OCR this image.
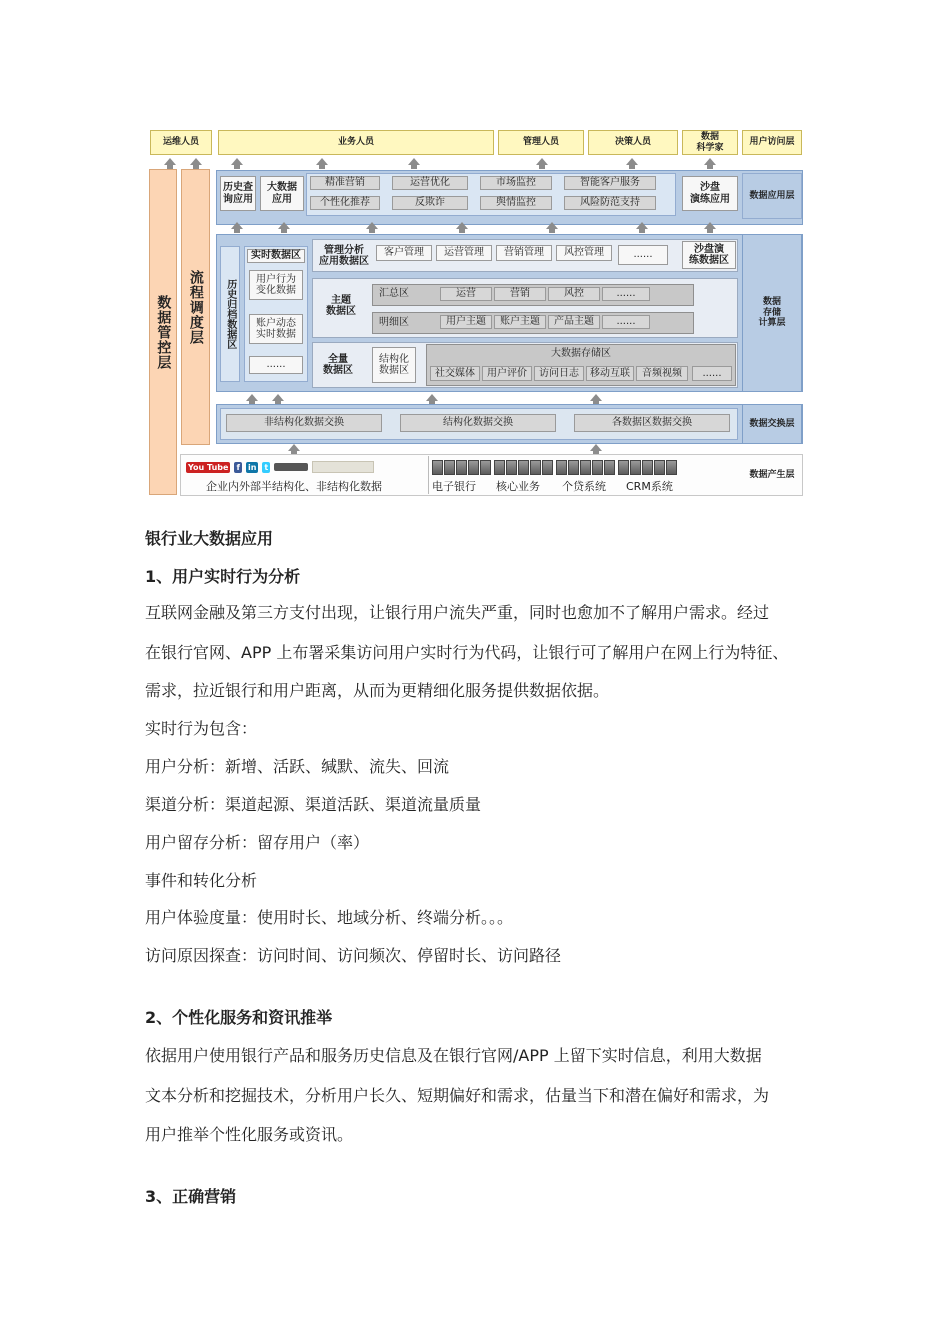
运维人员	业务人员	管理人员	决策人员
数据
科学家
用户访问层
数据管控层 流程调度层
历史查
询应用
大数据
应用
精准营销	运营优化	市场监控	智能客户服务
个性化推荐	反欺诈	舆情监控	风险防范支持
沙盘
演练应用	数据应用层
历史归档数据区
实时数据区
用户行为
变化数据
账户动态
实时数据
......
管理分析
应用数据区
客户管理	运营管理	营销管理	风控管理	......
沙盘演
练数据区
主题
数据区
汇总区	运营	营销	风控	......
明细区	用户主题	账户主题	产品主题	......
全量
数据区
结构化
数据区
大数据存储区
社交媒体	用户评价	访问日志	移动互联	音频视频	......
数据
存储
计算层
非结构化数据交换	结构化数据交换	各数据区数据交换	数据交换层
You Tube f in t
企业内外部半结构化、非结构化数据	电子银行	核心业务	个贷系统	CRM系统
数据产生层
银行业大数据应用
1、用户实时行为分析
互联网金融及第三方支付出现，让银行用户流失严重，同时也愈加不了解用户需求。经过
在银行官网、APP 上布署采集访问用户实时行为代码，让银行可了解用户在网上行为特征、
需求，拉近银行和用户距离，从而为更精细化服务提供数据依据。
实时行为包含：
用户分析：新增、活跃、缄默、流失、回流
渠道分析：渠道起源、渠道活跃、渠道流量质量
用户留存分析：留存用户（率）
事件和转化分析
用户体验度量：使用时长、地域分析、终端分析。。。
访问原因探查：访问时间、访问频次、停留时长、访问路径
2、个性化服务和资讯推举
依据用户使用银行产品和服务历史信息及在银行官网/APP 上留下实时信息，利用大数据
文本分析和挖掘技术，分析用户长久、短期偏好和需求，估量当下和潜在偏好和需求，为
用户推举个性化服务或资讯。
3、正确营销
